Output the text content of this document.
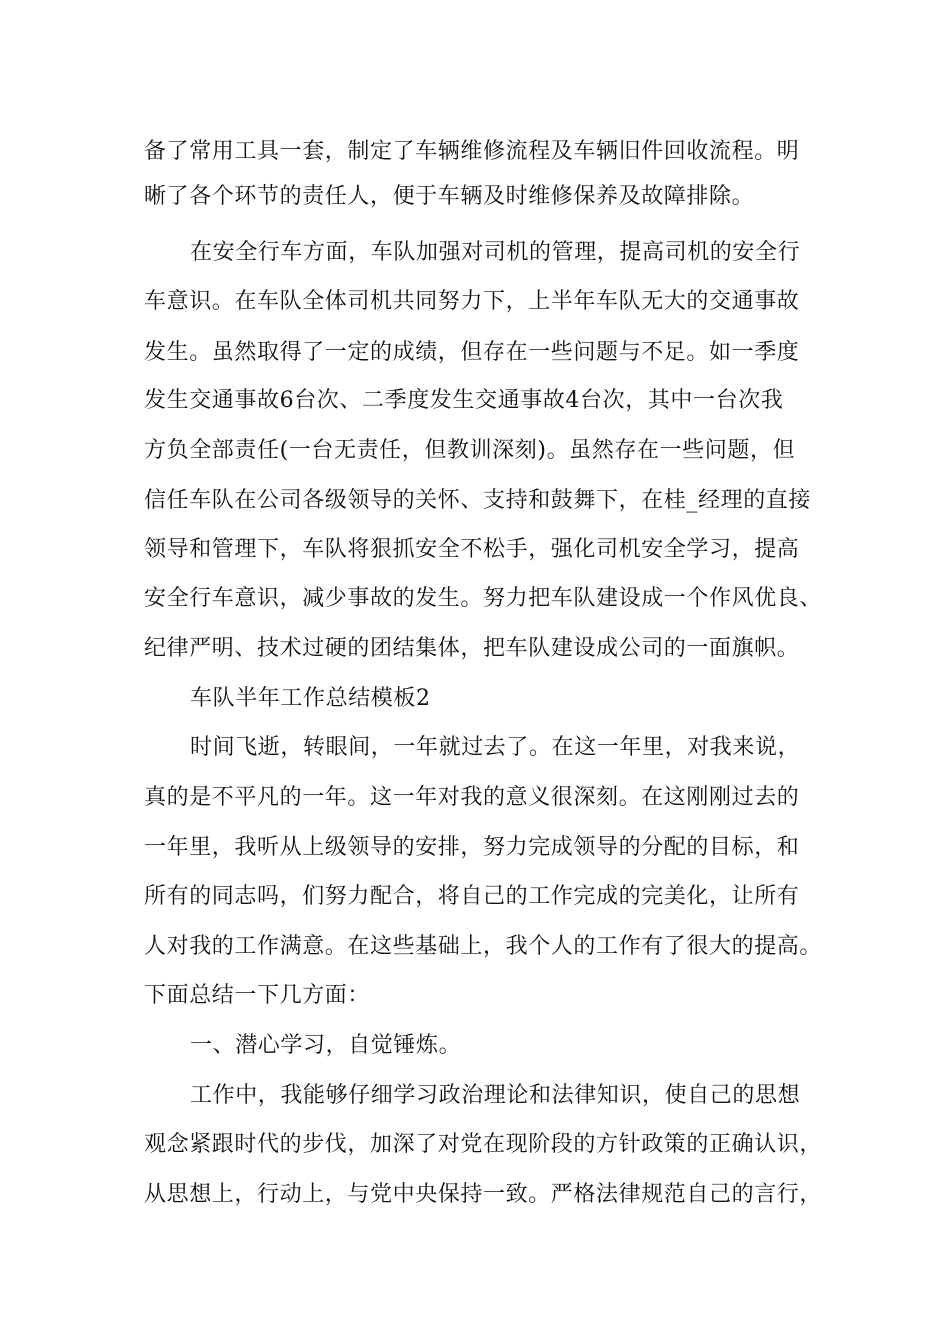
备了常用工具一套，制定了车辆维修流程及车辆旧件回收流程。明
晰了各个环节的责任人，便于车辆及时维修保养及故障排除。
在安全行车方面，车队加强对司机的管理，提高司机的安全行
车意识。在车队全体司机共同努力下，上半年车队无大的交通事故
发生。虽然取得了一定的成绩，但存在一些问题与不足。如一季度
发生交通事故6台次、二季度发生交通事故4台次，其中一台次我
方负全部责任(一台无责任，但教训深刻)。虽然存在一些问题，但
信任车队在公司各级领导的关怀、支持和鼓舞下，在桂_经理的直接
领导和管理下，车队将狠抓安全不松手，强化司机安全学习，提高
安全行车意识，减少事故的发生。努力把车队建设成一个作风优良、
纪律严明、技术过硬的团结集体，把车队建设成公司的一面旗帜。
车队半年工作总结模板2
时间飞逝，转眼间，一年就过去了。在这一年里，对我来说，
真的是不平凡的一年。这一年对我的意义很深刻。在这刚刚过去的
一年里，我听从上级领导的安排，努力完成领导的分配的目标，和
所有的同志吗，们努力配合，将自己的工作完成的完美化，让所有
人对我的工作满意。在这些基础上，我个人的工作有了很大的提高。
下面总结一下几方面：
一、潜心学习，自觉锤炼。
工作中，我能够仔细学习政治理论和法律知识，使自己的思想
观念紧跟时代的步伐，加深了对党在现阶段的方针政策的正确认识，
从思想上，行动上，与党中央保持一致。严格法律规范自己的言行，
